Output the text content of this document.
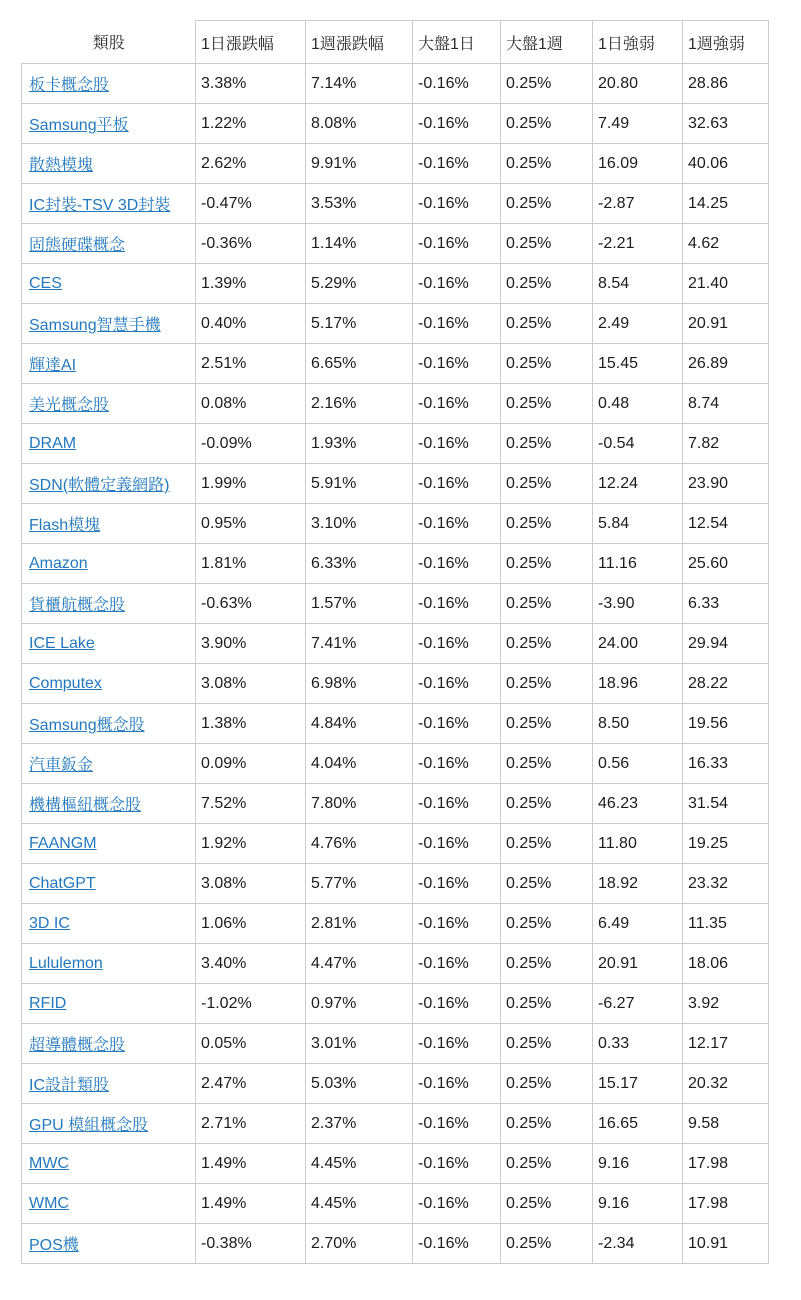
類股	1日漲跌幅	1週漲跌幅	大盤1日	大盤1週	1日強弱	1週強弱
板卡概念股	3.38%	7.14%	-0.16%	0.25%	20.80	28.86
Samsung平板	1.22%	8.08%	-0.16%	0.25%	7.49	32.63
散熱模塊	2.62%	9.91%	-0.16%	0.25%	16.09	40.06
IC封裝-TSV 3D封裝	-0.47%	3.53%	-0.16%	0.25%	-2.87	14.25
固態硬碟概念	-0.36%	1.14%	-0.16%	0.25%	-2.21	4.62
CES	1.39%	5.29%	-0.16%	0.25%	8.54	21.40
Samsung智慧手機	0.40%	5.17%	-0.16%	0.25%	2.49	20.91
輝達AI	2.51%	6.65%	-0.16%	0.25%	15.45	26.89
美光概念股	0.08%	2.16%	-0.16%	0.25%	0.48	8.74
DRAM	-0.09%	1.93%	-0.16%	0.25%	-0.54	7.82
SDN(軟體定義網路)	1.99%	5.91%	-0.16%	0.25%	12.24	23.90
Flash模塊	0.95%	3.10%	-0.16%	0.25%	5.84	12.54
Amazon	1.81%	6.33%	-0.16%	0.25%	11.16	25.60
貨櫃航概念股	-0.63%	1.57%	-0.16%	0.25%	-3.90	6.33
ICE Lake	3.90%	7.41%	-0.16%	0.25%	24.00	29.94
Computex	3.08%	6.98%	-0.16%	0.25%	18.96	28.22
Samsung概念股	1.38%	4.84%	-0.16%	0.25%	8.50	19.56
汽車鈑金	0.09%	4.04%	-0.16%	0.25%	0.56	16.33
機構樞紐概念股	7.52%	7.80%	-0.16%	0.25%	46.23	31.54
FAANGM	1.92%	4.76%	-0.16%	0.25%	11.80	19.25
ChatGPT	3.08%	5.77%	-0.16%	0.25%	18.92	23.32
3D IC	1.06%	2.81%	-0.16%	0.25%	6.49	11.35
Lululemon	3.40%	4.47%	-0.16%	0.25%	20.91	18.06
RFID	-1.02%	0.97%	-0.16%	0.25%	-6.27	3.92
超導體概念股	0.05%	3.01%	-0.16%	0.25%	0.33	12.17
IC設計類股	2.47%	5.03%	-0.16%	0.25%	15.17	20.32
GPU 模組概念股	2.71%	2.37%	-0.16%	0.25%	16.65	9.58
MWC	1.49%	4.45%	-0.16%	0.25%	9.16	17.98
WMC	1.49%	4.45%	-0.16%	0.25%	9.16	17.98
POS機	-0.38%	2.70%	-0.16%	0.25%	-2.34	10.91
